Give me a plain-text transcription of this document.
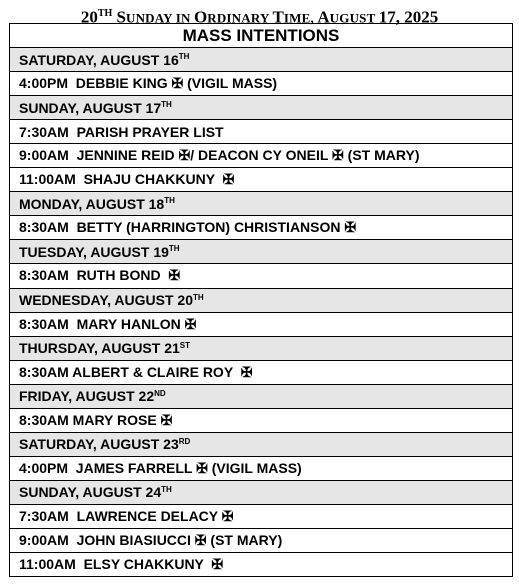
20TH SUNDAY IN ORDINARY TIME, AUGUST 17, 2025
MASS INTENTIONS
SATURDAY, AUGUST 16TH
4:00PM  DEBBIE KING ✠ (VIGIL MASS)
SUNDAY, AUGUST 17TH
7:30AM  PARISH PRAYER LIST
9:00AM  JENNINE REID ✠/ DEACON CY ONEIL ✠ (ST MARY)
11:00AM  SHAJU CHAKKUNY  ✠
MONDAY, AUGUST 18TH
8:30AM  BETTY (HARRINGTON) CHRISTIANSON ✠
TUESDAY, AUGUST 19TH
8:30AM  RUTH BOND  ✠
WEDNESDAY, AUGUST 20TH
8:30AM  MARY HANLON ✠
THURSDAY, AUGUST 21ST
8:30AM ALBERT & CLAIRE ROY  ✠
FRIDAY, AUGUST 22ND
8:30AM MARY ROSE ✠
SATURDAY, AUGUST 23RD
4:00PM  JAMES FARRELL ✠ (VIGIL MASS)
SUNDAY, AUGUST 24TH
7:30AM  LAWRENCE DELACY ✠
9:00AM  JOHN BIASIUCCI ✠ (ST MARY)
11:00AM  ELSY CHAKKUNY  ✠
